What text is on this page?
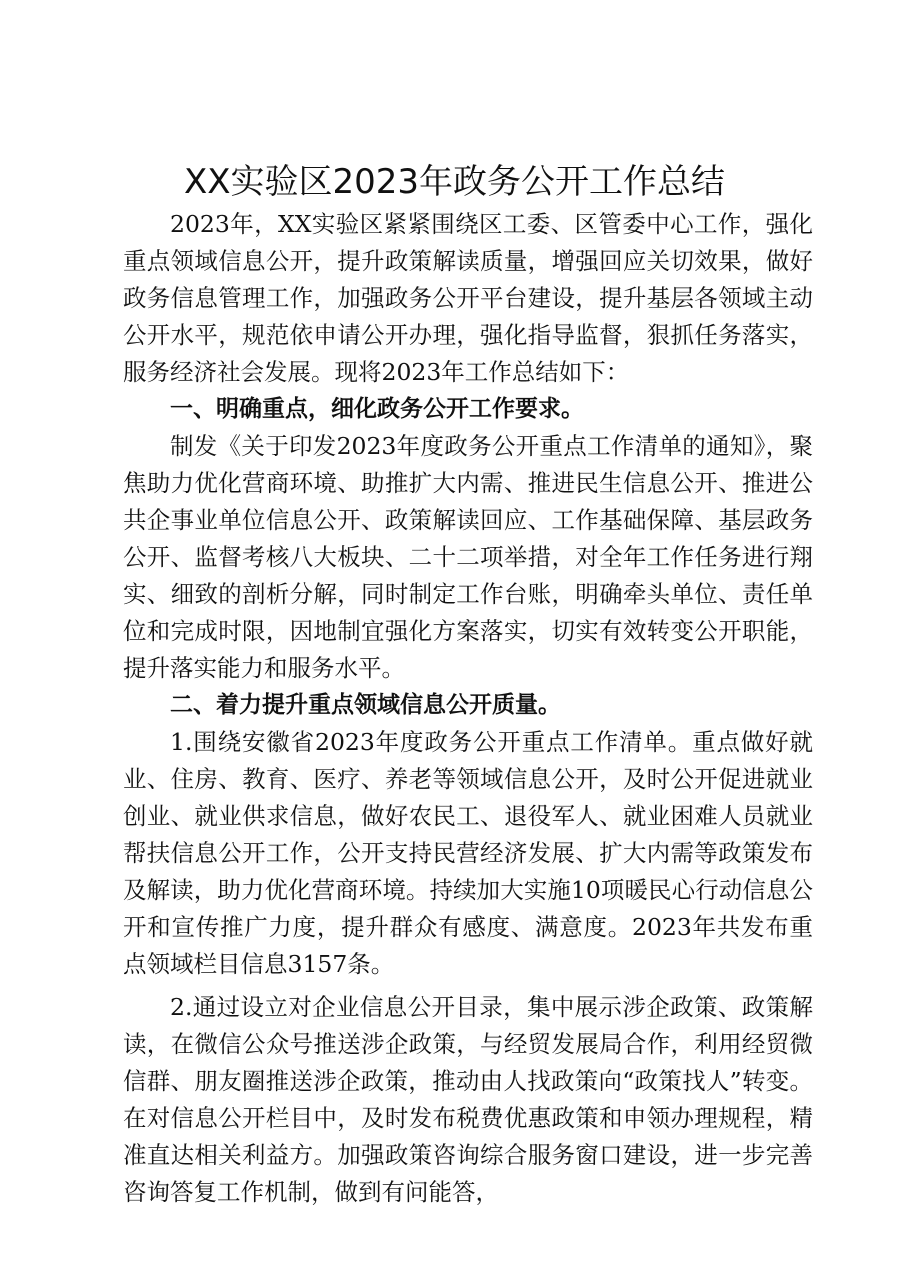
XX实验区2023年政务公开工作总结

2023年，XX实验区紧紧围绕区工委、区管委中心工作，强化重点领域信息公开，提升政策解读质量，增强回应关切效果，做好政务信息管理工作，加强政务公开平台建设，提升基层各领域主动公开水平，规范依申请公开办理，强化指导监督，狠抓任务落实，服务经济社会发展。现将2023年工作总结如下：

一、明确重点，细化政务公开工作要求。

制发《关于印发2023年度政务公开重点工作清单的通知》，聚焦助力优化营商环境、助推扩大内需、推进民生信息公开、推进公共企事业单位信息公开、政策解读回应、工作基础保障、基层政务公开、监督考核八大板块、二十二项举措，对全年工作任务进行翔实、细致的剖析分解，同时制定工作台账，明确牵头单位、责任单位和完成时限，因地制宜强化方案落实，切实有效转变公开职能，提升落实能力和服务水平。

二、着力提升重点领域信息公开质量。

1.围绕安徽省2023年度政务公开重点工作清单。重点做好就业、住房、教育、医疗、养老等领域信息公开，及时公开促进就业创业、就业供求信息，做好农民工、退役军人、就业困难人员就业帮扶信息公开工作，公开支持民营经济发展、扩大内需等政策发布及解读，助力优化营商环境。持续加大实施10项暖民心行动信息公开和宣传推广力度，提升群众有感度、满意度。2023年共发布重点领域栏目信息3157条。

2.通过设立对企业信息公开目录，集中展示涉企政策、政策解读，在微信公众号推送涉企政策，与经贸发展局合作，利用经贸微信群、朋友圈推送涉企政策，推动由人找政策向“政策找人”转变。在对信息公开栏目中，及时发布税费优惠政策和申领办理规程，精准直达相关利益方。加强政策咨询综合服务窗口建设，进一步完善咨询答复工作机制，做到有问能答，
